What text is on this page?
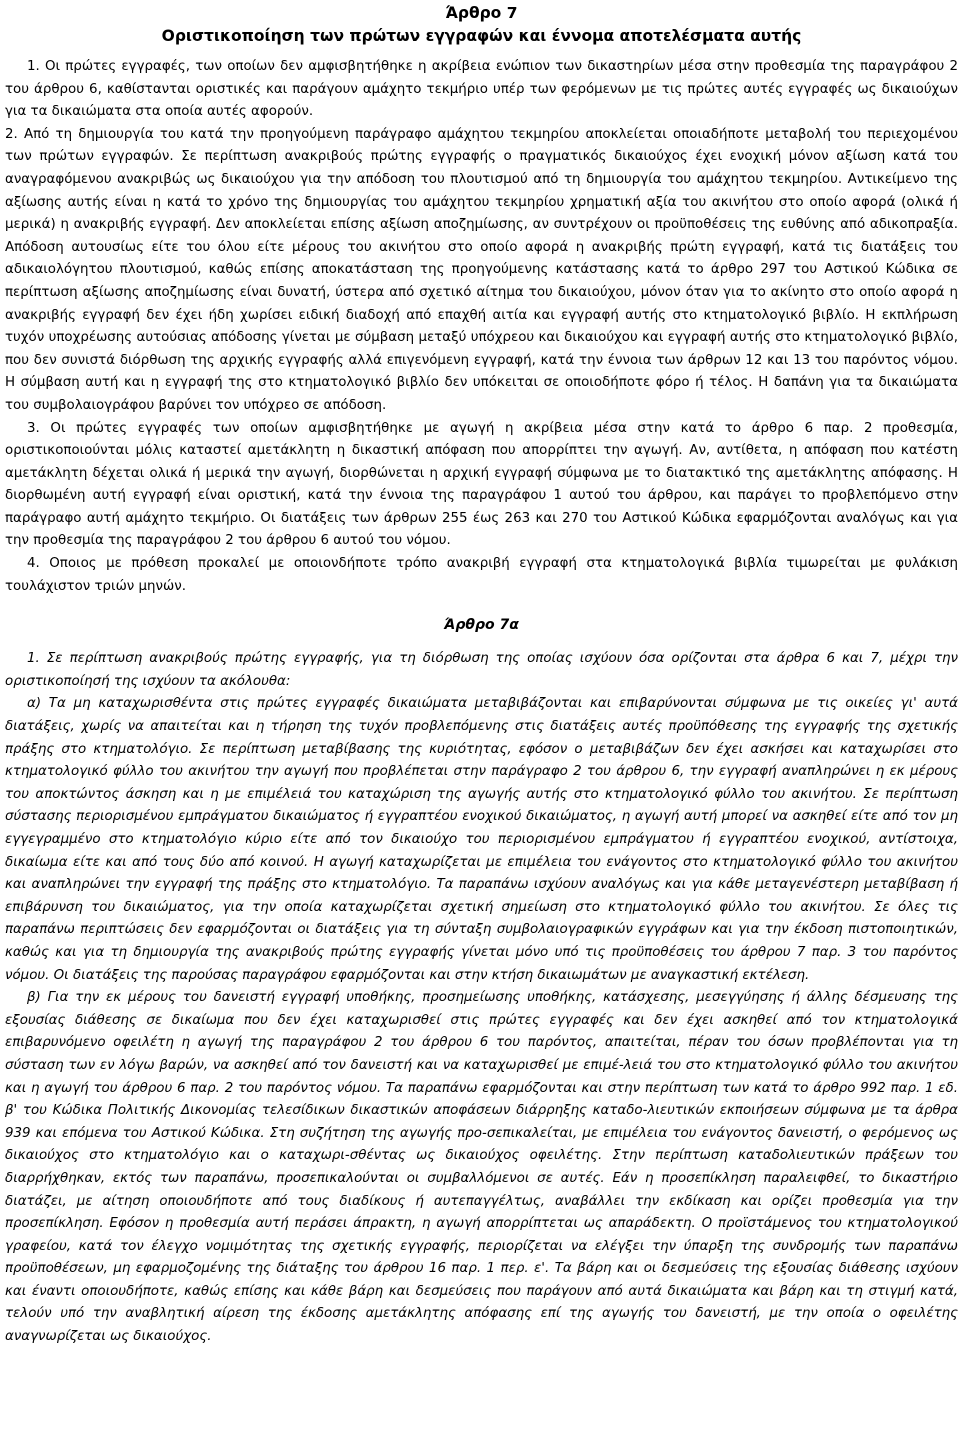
Άρθρο 7
Οριστικοποίηση των πρώτων εγγραφών και έννομα αποτελέσματα αυτής

1. Οι πρώτες εγγραφές, των οποίων δεν αμφισβητήθηκε η ακρίβεια ενώπιον των δικαστηρίων μέσα στην προθεσμία της παραγράφου 2 του άρθρου 6, καθίστανται οριστικές και παράγουν αμάχητο τεκμήριο υπέρ των φερόμενων με τις πρώτες αυτές εγγραφές ως δικαιούχων για τα δικαιώματα στα οποία αυτές αφορούν.

2. Από τη δημιουργία του κατά την προηγούμενη παράγραφο αμάχητου τεκμηρίου αποκλείεται οποιαδήποτε μεταβολή του περιεχομένου των πρώτων εγγραφών. Σε περίπτωση ανακριβούς πρώτης εγγραφής ο πραγματικός δικαιούχος έχει ενοχική μόνον αξίωση κατά του αναγραφόμενου ανακριβώς ως δικαιούχου για την απόδοση του πλουτισμού από τη δημιουργία του αμάχητου τεκμηρίου. Αντικείμενο της αξίωσης αυτής είναι η κατά το χρόνο της δημιουργίας του αμάχητου τεκμηρίου χρηματική αξία του ακινήτου στο οποίο αφορά (ολικά ή μερικά) η ανακριβής εγγραφή. Δεν αποκλείεται επίσης αξίωση αποζημίωσης, αν συντρέχουν οι προϋποθέσεις της ευθύνης από αδικοπραξία. Απόδοση αυτουσίως είτε του όλου είτε μέρους του ακινήτου στο οποίο αφορά η ανακριβής πρώτη εγγραφή, κατά τις διατάξεις του αδικαιολόγητου πλουτισμού, καθώς επίσης αποκατάσταση της προηγούμενης κατάστασης κατά το άρθρο 297 του Αστικού Κώδικα σε περίπτωση αξίωσης αποζημίωσης είναι δυνατή, ύστερα από σχετικό αίτημα του δικαιούχου, μόνον όταν για το ακίνητο στο οποίο αφορά η ανακριβής εγγραφή δεν έχει ήδη χωρίσει ειδική διαδοχή από επαχθή αιτία και εγγραφή αυτής στο κτηματολογικό βιβλίο. Η εκπλήρωση τυχόν υποχρέωσης αυτούσιας απόδοσης γίνεται με σύμβαση μεταξύ υπόχρεου και δικαιούχου και εγγραφή αυτής στο κτηματολογικό βιβλίο, που δεν συνιστά διόρθωση της αρχικής εγγραφής αλλά επιγενόμενη εγγραφή, κατά την έννοια των άρθρων 12 και 13 του παρόντος νόμου. Η σύμβαση αυτή και η εγγραφή της στο κτηματολογικό βιβλίο δεν υπόκειται σε οποιοδήποτε φόρο ή τέλος. Η δαπάνη για τα δικαιώματα του συμβολαιογράφου βαρύνει τον υπόχρεο σε απόδοση.

3. Οι πρώτες εγγραφές των οποίων αμφισβητήθηκε με αγωγή η ακρίβεια μέσα στην κατά το άρθρο 6 παρ. 2 προθεσμία, οριστικοποιούνται μόλις καταστεί αμετάκλητη η δικαστική απόφαση που απορρίπτει την αγωγή. Αν, αντίθετα, η απόφαση που κατέστη αμετάκλητη δέχεται ολικά ή μερικά την αγωγή, διορθώνεται η αρχική εγγραφή σύμφωνα με το διατακτικό της αμετάκλητης απόφασης. Η διορθωμένη αυτή εγγραφή είναι οριστική, κατά την έννοια της παραγράφου 1 αυτού του άρθρου, και παράγει το προβλεπόμενο στην παράγραφο αυτή αμάχητο τεκμήριο. Οι διατάξεις των άρθρων 255 έως 263 και 270 του Αστικού Κώδικα εφαρμόζονται αναλόγως και για την προθεσμία της παραγράφου 2 του άρθρου 6 αυτού του νόμου.

4. Οποιος με πρόθεση προκαλεί με οποιονδήποτε τρόπο ανακριβή εγγραφή στα κτηματολογικά βιβλία τιμωρείται με φυλάκιση τουλάχιστον τριών μηνών.

Άρθρο 7α

1. Σε περίπτωση ανακριβούς πρώτης εγγραφής, για τη διόρθωση της οποίας ισχύουν όσα ορίζονται στα άρθρα 6 και 7, μέχρι την οριστικοποίησή της ισχύουν τα ακόλουθα:

α) Τα μη καταχωρισθέντα στις πρώτες εγγραφές δικαιώματα μεταβιβάζονται και επιβαρύνονται σύμφωνα με τις οικείες γι' αυτά διατάξεις, χωρίς να απαιτείται και η τήρηση της τυχόν προβλεπόμενης στις διατάξεις αυτές προϋπόθεσης της εγγραφής της σχετικής πράξης στο κτηματολόγιο. Σε περίπτωση μεταβίβασης της κυριότητας, εφόσον ο μεταβιβάζων δεν έχει ασκήσει και καταχωρίσει στο κτηματολογικό φύλλο του ακινήτου την αγωγή που προβλέπεται στην παράγραφο 2 του άρθρου 6, την εγγραφή αναπληρώνει η εκ μέρους του αποκτώντος άσκηση και η με επιμέλειά του καταχώριση της αγωγής αυτής στο κτηματολογικό φύλλο του ακινήτου. Σε περίπτωση σύστασης περιορισμένου εμπράγματου δικαιώματος ή εγγραπτέου ενοχικού δικαιώματος, η αγωγή αυτή μπορεί να ασκηθεί είτε από τον μη εγγεγραμμένο στο κτηματολόγιο κύριο είτε από τον δικαιούχο του περιορισμένου εμπράγματου ή εγγραπτέου ενοχικού, αντίστοιχα, δικαίωμα είτε και από τους δύο από κοινού. Η αγωγή καταχωρίζεται με επιμέλεια του ενάγοντος στο κτηματολογικό φύλλο του ακινήτου και αναπληρώνει την εγγραφή της πράξης στο κτηματολόγιο. Τα παραπάνω ισχύουν αναλόγως και για κάθε μεταγενέστερη μεταβίβαση ή επιβάρυνση του δικαιώματος, για την οποία καταχωρίζεται σχετική σημείωση στο κτηματολογικό φύλλο του ακινήτου. Σε όλες τις παραπάνω περιπτώσεις δεν εφαρμόζονται οι διατάξεις για τη σύνταξη συμβολαιογραφικών εγγράφων και για την έκδοση πιστοποιητικών, καθώς και για τη δημιουργία της ανακριβούς πρώτης εγγραφής γίνεται μόνο υπό τις προϋποθέσεις του άρθρου 7 παρ. 3 του παρόντος νόμου. Οι διατάξεις της παρούσας παραγράφου εφαρμόζονται και στην κτήση δικαιωμάτων με αναγκαστική εκτέλεση.

β) Για την εκ μέρους του δανειστή εγγραφή υποθήκης, προσημείωσης υποθήκης, κατάσχεσης, μεσεγγύησης ή άλλης δέσμευσης της εξουσίας διάθεσης σε δικαίωμα που δεν έχει καταχωρισθεί στις πρώτες εγγραφές και δεν έχει ασκηθεί από τον κτηματολογικά επιβαρυνόμενο οφειλέτη η αγωγή της παραγράφου 2 του άρθρου 6 του παρόντος, απαιτείται, πέραν του όσων προβλέπονται για τη σύσταση των εν λόγω βαρών, να ασκηθεί από τον δανειστή και να καταχωρισθεί με επιμέ-λειά του στο κτηματολογικό φύλλο του ακινήτου και η αγωγή του άρθρου 6 παρ. 2 του παρόντος νόμου. Τα παραπάνω εφαρμόζονται και στην περίπτωση των κατά το άρθρο 992 παρ. 1 εδ. β' του Κώδικα Πολιτικής Δικονομίας τελεσίδικων δικαστικών αποφάσεων διάρρηξης καταδο-λιευτικών εκποιήσεων σύμφωνα με τα άρθρα 939 και επόμενα του Αστικού Κώδικα. Στη συζήτηση της αγωγής προ-σεπικαλείται, με επιμέλεια του ενάγοντος δανειστή, ο φερόμενος ως δικαιούχος στο κτηματολόγιο και ο καταχωρι-σθέντας ως δικαιούχος οφειλέτης. Στην περίπτωση καταδολιευτικών πράξεων του διαρρήχθηκαν, εκτός των παραπάνω, προσεπικαλούνται οι συμβαλλόμενοι σε αυτές. Εάν η προσεπίκληση παραλειφθεί, το δικαστήριο διατάζει, με αίτηση οποιουδήποτε από τους διαδίκους ή αυτεπαγγέλτως, αναβάλλει την εκδίκαση και ορίζει προθεσμία για την προσεπίκληση. Εφόσον η προθεσμία αυτή περάσει άπρακτη, η αγωγή απορρίπτεται ως απαράδεκτη. Ο προϊστάμενος του κτηματολογικού γραφείου, κατά τον έλεγχο νομιμότητας της σχετικής εγγραφής, περιορίζεται να ελέγξει την ύπαρξη της συνδρομής των παραπάνω προϋποθέσεων, μη εφαρμοζομένης της διάταξης του άρθρου 16 παρ. 1 περ. ε'. Τα βάρη και οι δεσμεύσεις της εξουσίας διάθεσης ισχύουν και έναντι οποιουδήποτε, καθώς επίσης και κάθε βάρη και δεσμεύσεις που παράγουν από αυτά δικαιώματα και βάρη και τη στιγμή κατά, τελούν υπό την αναβλητική αίρεση της έκδοσης αμετάκλητης απόφασης επί της αγωγής του δανειστή, με την οποία ο οφειλέτης αναγνωρίζεται ως δικαιούχος.
